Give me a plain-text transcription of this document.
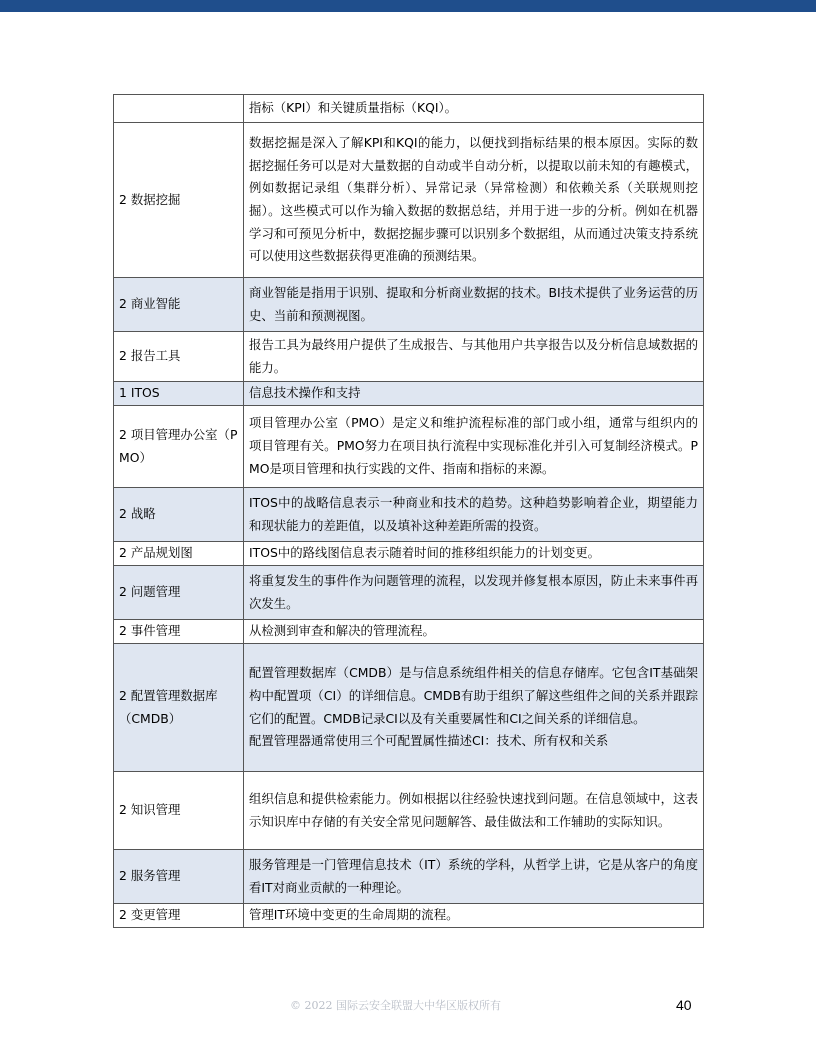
	指标（KPI）和关键质量指标（KQI）。
2 数据挖掘	数据挖掘是深入了解KPI和KQI的能力，以便找到指标结果的根本原因。实际的数据挖掘任务可以是对大量数据的自动或半自动分析，以提取以前未知的有趣模式，例如数据记录组（集群分析）、异常记录（异常检测）和依赖关系（关联规则挖掘）。这些模式可以作为输入数据的数据总结，并用于进一步的分析。例如在机器学习和可预见分析中，数据挖掘步骤可以识别多个数据组，从而通过决策支持系统可以使用这些数据获得更准确的预测结果。
2 商业智能	商业智能是指用于识别、提取和分析商业数据的技术。BI技术提供了业务运营的历史、当前和预测视图。
2 报告工具	报告工具为最终用户提供了生成报告、与其他用户共享报告以及分析信息域数据的能力。
1 ITOS	信息技术操作和支持
2 项目管理办公室（PMO）	项目管理办公室（PMO）是定义和维护流程标准的部门或小组，通常与组织内的项目管理有关。PMO努力在项目执行流程中实现标准化并引入可复制经济模式。PMO是项目管理和执行实践的文件、指南和指标的来源。
2 战略	ITOS中的战略信息表示一种商业和技术的趋势。这种趋势影响着企业，期望能力和现状能力的差距值，以及填补这种差距所需的投资。
2 产品规划图	ITOS中的路线图信息表示随着时间的推移组织能力的计划变更。
2 问题管理	将重复发生的事件作为问题管理的流程，以发现并修复根本原因，防止未来事件再次发生。
2 事件管理	从检测到审查和解决的管理流程。
2 配置管理数据库（CMDB）	配置管理数据库（CMDB）是与信息系统组件相关的信息存储库。它包含IT基础架构中配置项（CI）的详细信息。CMDB有助于组织了解这些组件之间的关系并跟踪它们的配置。CMDB记录CI以及有关重要属性和CI之间关系的详细信息。
配置管理器通常使用三个可配置属性描述CI：技术、所有权和关系

2 知识管理	组织信息和提供检索能力。例如根据以往经验快速找到问题。在信息领域中，这表示知识库中存储的有关安全常见问题解答、最佳做法和工作辅助的实际知识。
2 服务管理	服务管理是一门管理信息技术（IT）系统的学科，从哲学上讲，它是从客户的角度看IT对商业贡献的一种理论。
2 变更管理	管理IT环境中变更的生命周期的流程。
© 2022 国际云安全联盟大中华区版权所有	40
